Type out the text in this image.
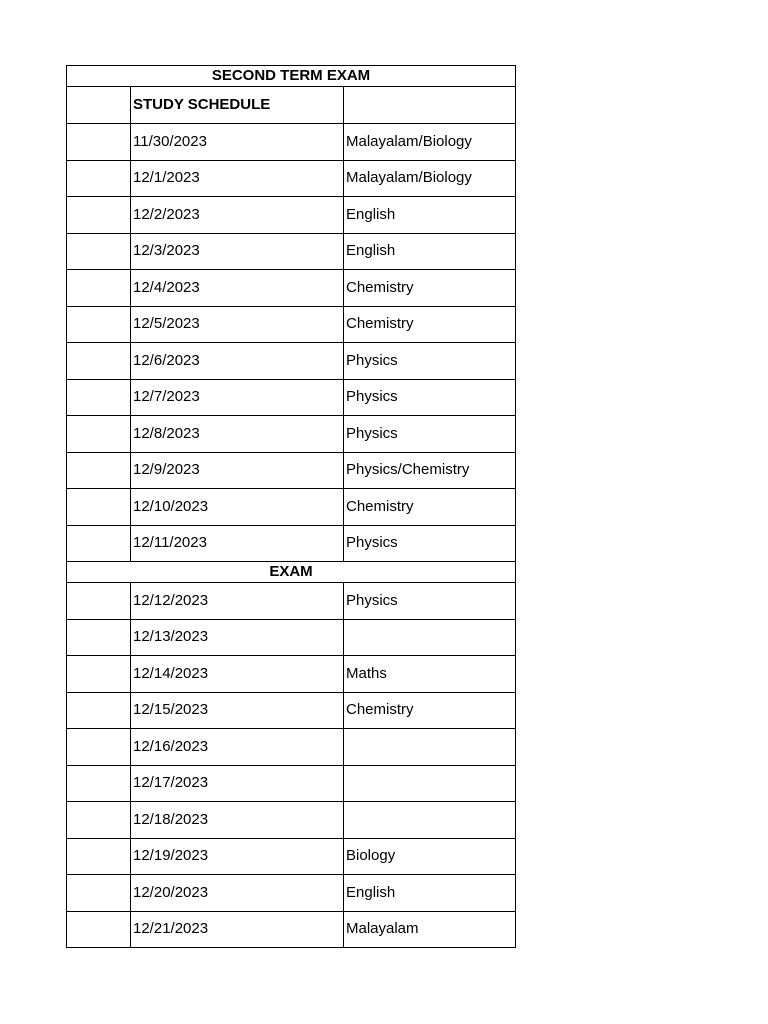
SECOND TERM EXAM		
	STUDY SCHEDULE	
	11/30/2023	Malayalam/Biology
	12/1/2023	Malayalam/Biology
	12/2/2023	English
	12/3/2023	English
	12/4/2023	Chemistry
	12/5/2023	Chemistry
	12/6/2023	Physics
	12/7/2023	Physics
	12/8/2023	Physics
	12/9/2023	Physics/Chemistry
	12/10/2023	Chemistry
	12/11/2023	Physics
EXAM		
	12/12/2023	Physics
	12/13/2023	
	12/14/2023	Maths
	12/15/2023	Chemistry
	12/16/2023	
	12/17/2023	
	12/18/2023	
	12/19/2023	Biology
	12/20/2023	English
	12/21/2023	Malayalam
